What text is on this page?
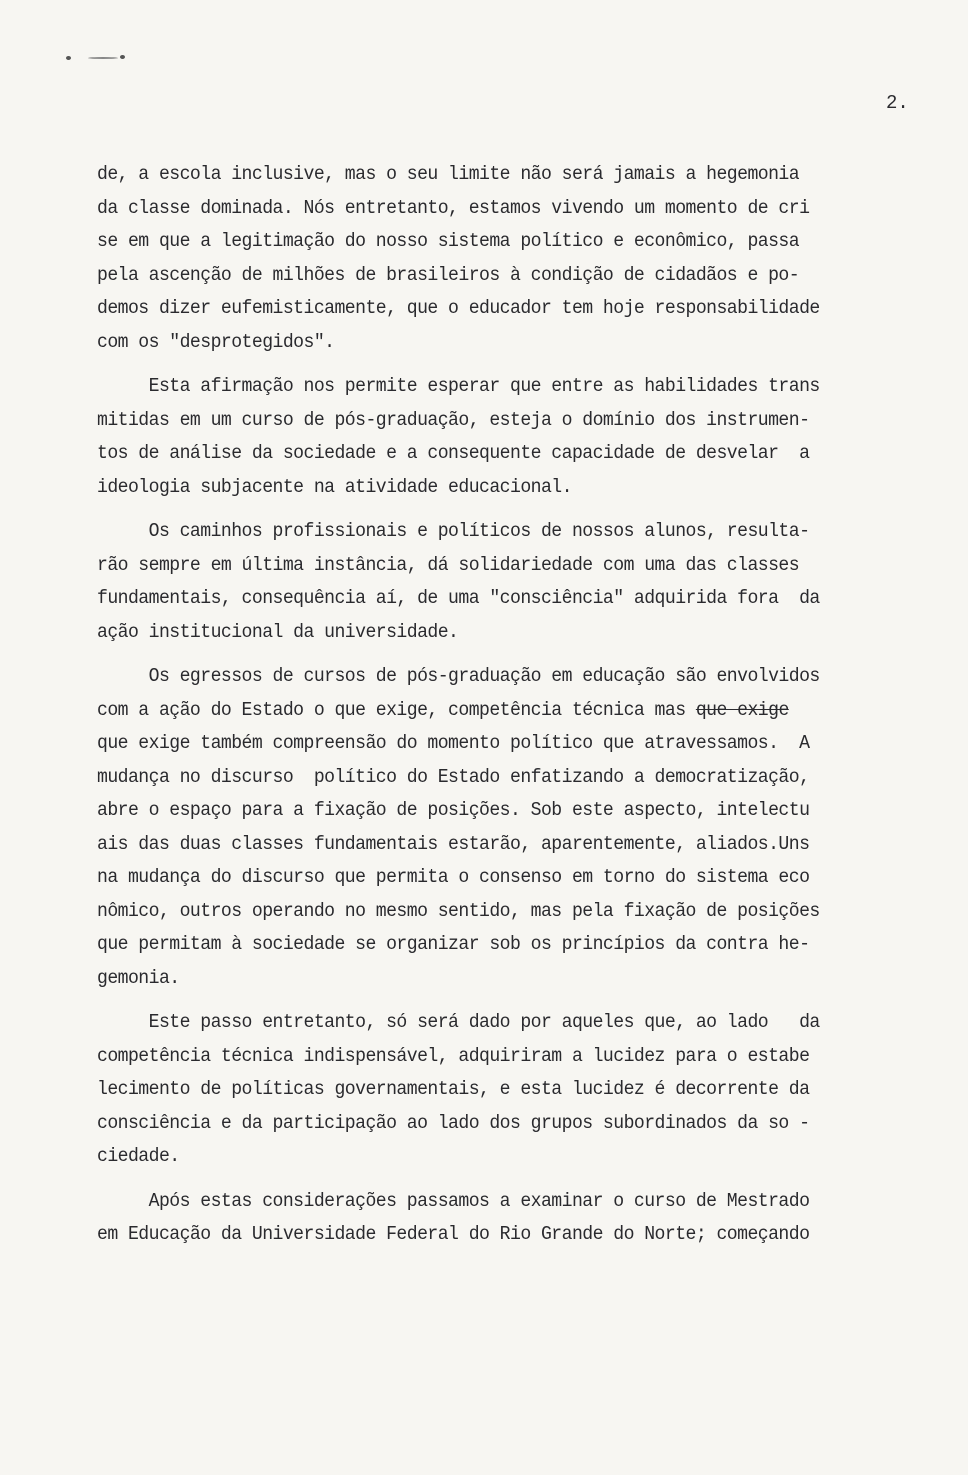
2.
de, a escola inclusive, mas o seu limite não será jamais a hegemonia
da classe dominada. Nós entretanto, estamos vivendo um momento de cri
se em que a legitimação do nosso sistema político e econômico, passa
pela ascenção de milhões de brasileiros à condição de cidadãos e po-
demos dizer eufemisticamente, que o educador tem hoje responsabilidade
com os "desprotegidos".
Esta afirmação nos permite esperar que entre as habilidades trans
mitidas em um curso de pós-graduação, esteja o domínio dos instrumen-
tos de análise da sociedade e a consequente capacidade de desvelar  a
ideologia subjacente na atividade educacional.
Os caminhos profissionais e políticos de nossos alunos, resulta-
rão sempre em última instância, dá solidariedade com uma das classes
fundamentais, consequência aí, de uma "consciência" adquirida fora  da
ação institucional da universidade.
Os egressos de cursos de pós-graduação em educação são envolvidos
com a ação do Estado o que exige, competência técnica mas que exige
que exige também compreensão do momento político que atravessamos.  A
mudança no discurso  político do Estado enfatizando a democratização,
abre o espaço para a fixação de posições. Sob este aspecto, intelectu
ais das duas classes fundamentais estarão, aparentemente, aliados.Uns
na mudança do discurso que permita o consenso em torno do sistema eco
nômico, outros operando no mesmo sentido, mas pela fixação de posições
que permitam à sociedade se organizar sob os princípios da contra he-
gemonia.
Este passo entretanto, só será dado por aqueles que, ao lado   da
competência técnica indispensável, adquiriram a lucidez para o estabe
lecimento de políticas governamentais, e esta lucidez é decorrente da
consciência e da participação ao lado dos grupos subordinados da so -
ciedade.
Após estas considerações passamos a examinar o curso de Mestrado
em Educação da Universidade Federal do Rio Grande do Norte; começando
